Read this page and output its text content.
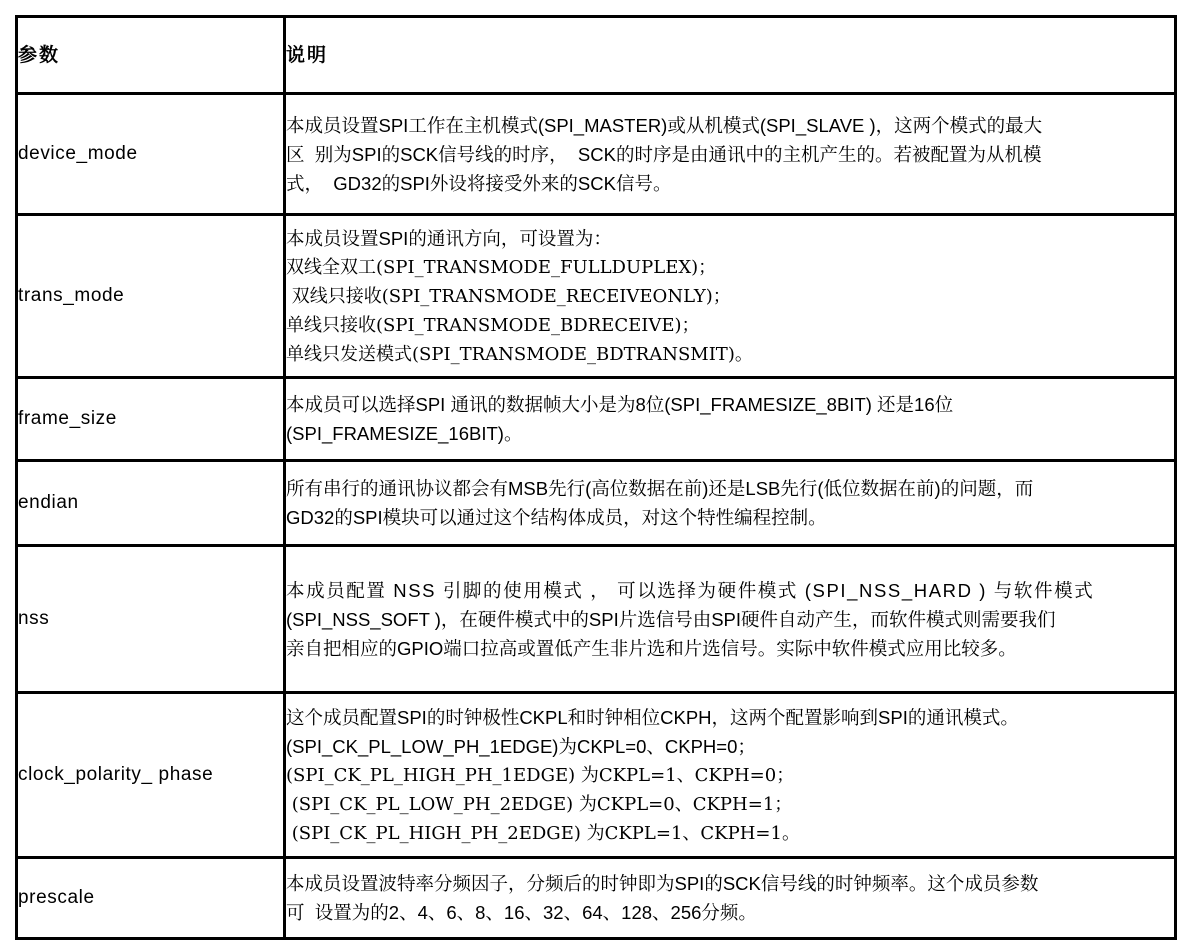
参数	说明

device_mode	本成员设置SPI工作在主机模式(SPI_MASTER)或从机模式(SPI_SLAVE )，这两个模式的最大
区  别为SPI的SCK信号线的时序，  SCK的时序是由通讯中的主机产生的。若被配置为从机模
式，  GD32的SPI外设将接受外来的SCK信号。

trans_mode	本成员设置SPI的通讯方向，可设置为：
双线全双工(SPI_TRANSMODE_FULLDUPLEX)；
双线只接收(SPI_TRANSMODE_RECEIVEONLY)；
单线只接收(SPI_TRANSMODE_BDRECEIVE)；
单线只发送模式(SPI_TRANSMODE_BDTRANSMIT)。

frame_size	本成员可以选择SPI 通讯的数据帧大小是为8位(SPI_FRAMESIZE_8BIT) 还是16位
(SPI_FRAMESIZE_16BIT)。

endian	所有串行的通讯协议都会有MSB先行(高位数据在前)还是LSB先行(低位数据在前)的问题，而
GD32的SPI模块可以通过这个结构体成员，对这个特性编程控制。

nss	本成员配置 NSS 引脚的使用模式 ， 可以选择为硬件模式 (SPI_NSS_HARD ) 与软件模式
(SPI_NSS_SOFT )，在硬件模式中的SPI片选信号由SPI硬件自动产生，而软件模式则需要我们
亲自把相应的GPIO端口拉高或置低产生非片选和片选信号。实际中软件模式应用比较多。

clock_polarity_ phase	这个成员配置SPI的时钟极性CKPL和时钟相位CKPH，这两个配置影响到SPI的通讯模式。
(SPI_CK_PL_LOW_PH_1EDGE)为CKPL=0、CKPH=0；
(SPI_CK_PL_HIGH_PH_1EDGE) 为CKPL=1、CKPH=0；
(SPI_CK_PL_LOW_PH_2EDGE) 为CKPL=0、CKPH=1；
(SPI_CK_PL_HIGH_PH_2EDGE) 为CKPL=1、CKPH=1。

prescale	本成员设置波特率分频因子，分频后的时钟即为SPI的SCK信号线的时钟频率。这个成员参数
可  设置为的2、4、6、8、16、32、64、128、256分频。
